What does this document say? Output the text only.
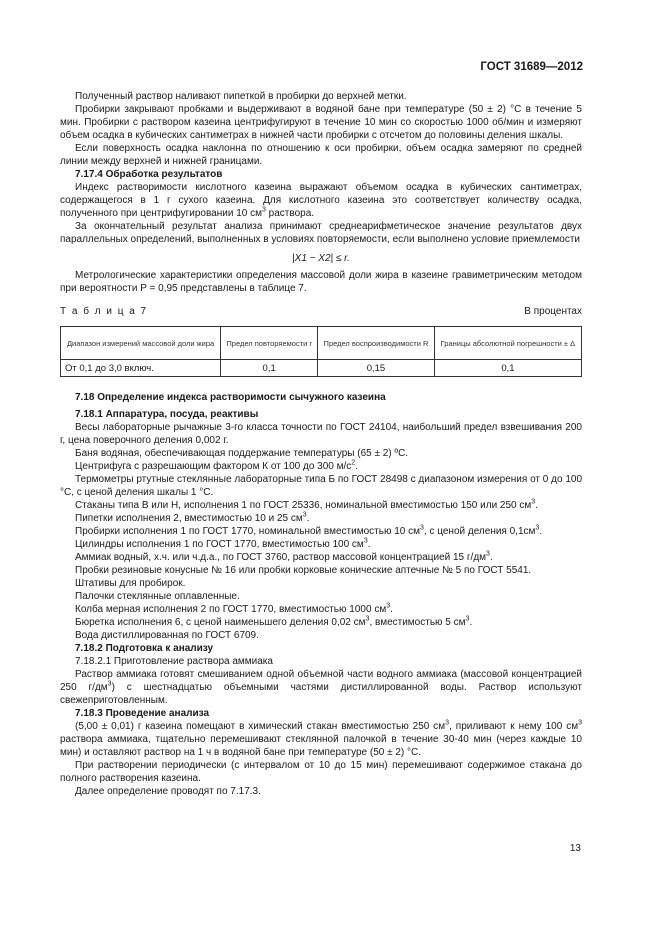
ГОСТ 31689—2012

Полученный раствор наливают пипеткой в пробирки до верхней метки.

Пробирки закрывают пробками и выдерживают в водяной бане при температуре (50 ± 2) °С в течение 5 мин. Пробирки с раствором казеина центрифугируют в течение 10 мин со скоростью 1000 об/мин и измеряют объем осадка в кубических сантиметрах в нижней части пробирки с отсчетом до половины деления шкалы.

Если поверхность осадка наклонна по отношению к оси пробирки, объем осадка замеряют по средней линии между верхней и нижней границами.

7.17.4 Обработка результатов

Индекс растворимости кислотного казеина выражают объемом осадка в кубических сантиметрах, содержащегося в 1 г сухого казеина. Для кислотного казеина это соответствует количеству осадка, полученного при центрифугировании 10 $см^3$ раствора.

За окончательный результат анализа принимают среднеарифметическое значение результатов двух параллельных определений, выполненных в условиях повторяемости, если выполнено условие приемлемости

|X1 − X2| ≤ r.

Метрологические характеристики определения массовой доли жира в казеине гравиметрическим методом при вероятности P = 0,95 представлены в таблице 7.

Т а б л и ц а 7	В процентах
Диапазон измерений массовой доли жира	Предел повторяемости r	Предел воспроизводимости R	Границы абсолютной погрешности ± Δ
От 0,1 до 3,0 включ.	0,1	0,15	0,1

7.18 Определение индекса растворимости сычужного казеина

7.18.1 Аппаратура, посуда, реактивы

Весы лабораторные рычажные 3-го класса точности по ГОСТ 24104, наибольший предел взвешивания 200 г, цена поверочного деления 0,002 г.

Баня водяная, обеспечивающая поддержание температуры (65 ± 2) ºС.

Центрифуга с разрешающим фактором К от 100 до 300 $м/с^2$.

Термометры ртутные стеклянные лабораторные типа Б по ГОСТ 28498 с диапазоном измерения от 0 до 100 °С, с ценой деления шкалы 1 °С.

Стаканы типа В или Н, исполнения 1 по ГОСТ 25336, номинальной вместимостью 150 или 250 $см^3$.

Пипетки исполнения 2, вместимостью 10 и 25 $см^3$.

Пробирки исполнения 1 по ГОСТ 1770, номинальной вместимостью 10 $см^3$, с ценой деления $0,1см^3$.

Цилиндры исполнения 1 по ГОСТ 1770, вместимостью 100 $см^3$.

Аммиак водный, х.ч. или ч.д.а., по ГОСТ 3760, раствор массовой концентрацией 15 $г/дм^3$.

Пробки резиновые конусные № 16 или пробки корковые конические аптечные № 5 по ГОСТ 5541.

Штативы для пробирок.

Палочки стеклянные оплавленные.

Колба мерная исполнения 2 по ГОСТ 1770, вместимостью 1000 $см^3$.

Бюретка исполнения 6, с ценой наименьшего деления 0,02 $см^3$, вместимостью 5 $см^3$.

Вода дистиллированная по ГОСТ 6709.

7.18.2 Подготовка к анализу

7.18.2.1 Приготовление раствора аммиака

Раствор аммиака готовят смешиванием одной объемной части водного аммиака (массовой концентрацией 250 $г/дм^3$) с шестнадцатью объемными частями дистиллированной воды. Раствор используют свежеприготовленным.

7.18.3 Проведение анализа

(5,00 ± 0,01) г казеина помещают в химический стакан вместимостью 250 $см^3$, приливают к нему 100 $см^3$ раствора аммиака, тщательно перемешивают стеклянной палочкой в течение 30-40 мин (через каждые 10 мин) и оставляют раствор на 1 ч в водяной бане при температуре (50 ± 2) °С.

При растворении периодически (с интервалом от 10 до 15 мин) перемешивают содержимое стакана до полного растворения казеина.

Далее определение проводят по 7.17.3.

13
